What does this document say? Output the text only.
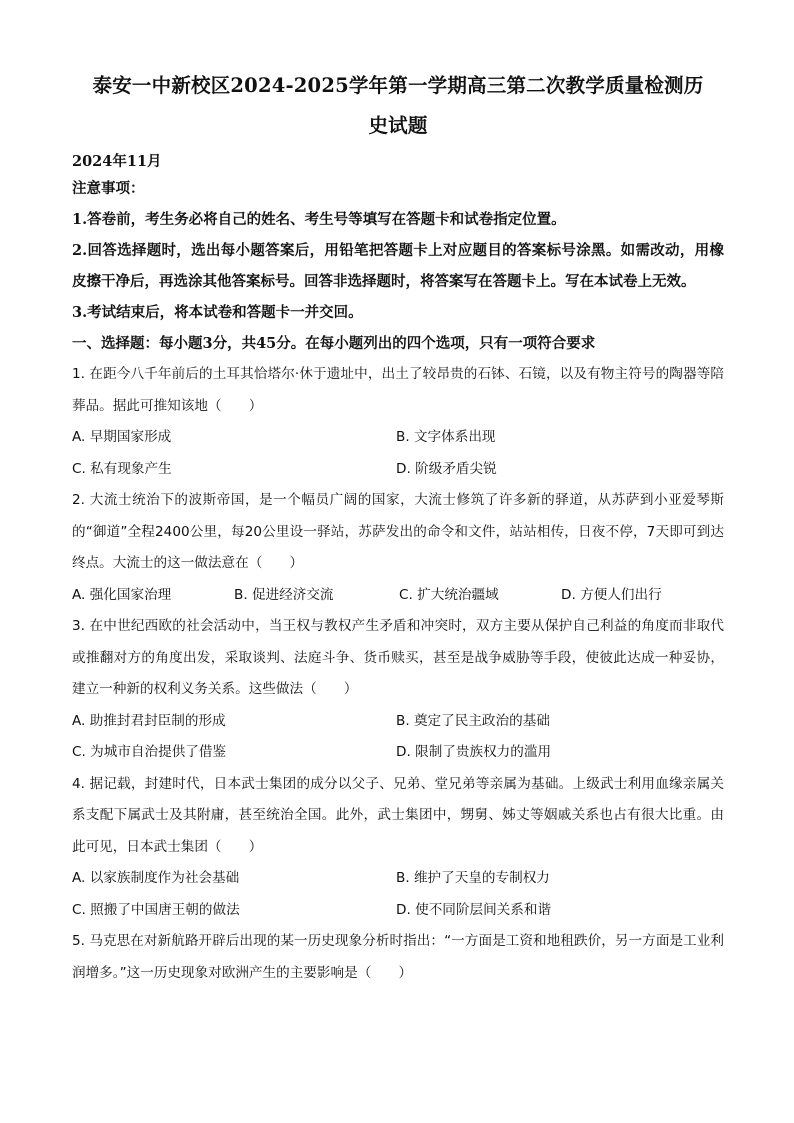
泰安一中新校区2024-2025学年第一学期高三第二次教学质量检测历

史试题

2024年11月
注意事项：
1.答卷前，考生务必将自己的姓名、考生号等填写在答题卡和试卷指定位置。
2.回答选择题时，选出每小题答案后，用铅笔把答题卡上对应题目的答案标号涂黑。如需改动，用橡皮擦干净后，再选涂其他答案标号。回答非选择题时，将答案写在答题卡上。写在本试卷上无效。
3.考试结束后，将本试卷和答题卡一并交回。
一、选择题：每小题3分，共45分。在每小题列出的四个选项，只有一项符合要求
1. 在距今八千年前后的土耳其恰塔尔·休于遗址中，出土了较昂贵的石钵、石镜，以及有物主符号的陶器等陪葬品。据此可推知该地（　　）
A. 早期国家形成	B. 文字体系出现
C. 私有现象产生	D. 阶级矛盾尖锐
2. 大流士统治下的波斯帝国，是一个幅员广阔的国家，大流士修筑了许多新的驿道，从苏萨到小亚爱琴斯的“御道”全程2400公里，每20公里设一驿站，苏萨发出的命令和文件，站站相传，日夜不停，7天即可到达终点。大流士的这一做法意在（　　）
A. 强化国家治理	B. 促进经济交流	C. 扩大统治疆域	D. 方便人们出行
3. 在中世纪西欧的社会活动中，当王权与教权产生矛盾和冲突时，双方主要从保护自己利益的角度而非取代或推翻对方的角度出发，采取谈判、法庭斗争、货币赎买，甚至是战争威胁等手段，使彼此达成一种妥协，建立一种新的权利义务关系。这些做法（　　）
A. 助推封君封臣制的形成	B. 奠定了民主政治的基础
C. 为城市自治提供了借鉴	D. 限制了贵族权力的滥用
4. 据记载，封建时代，日本武士集团的成分以父子、兄弟、堂兄弟等亲属为基础。上级武士利用血缘亲属关系支配下属武士及其附庸，甚至统治全国。此外，武士集团中，甥舅、姊丈等姻戚关系也占有很大比重。由此可见，日本武士集团（　　）
A. 以家族制度作为社会基础	B. 维护了天皇的专制权力
C. 照搬了中国唐王朝的做法	D. 使不同阶层间关系和谐
5. 马克思在对新航路开辟后出现的某一历史现象分析时指出：“一方面是工资和地租跌价，另一方面是工业利润增多。”这一历史现象对欧洲产生的主要影响是（　　）
